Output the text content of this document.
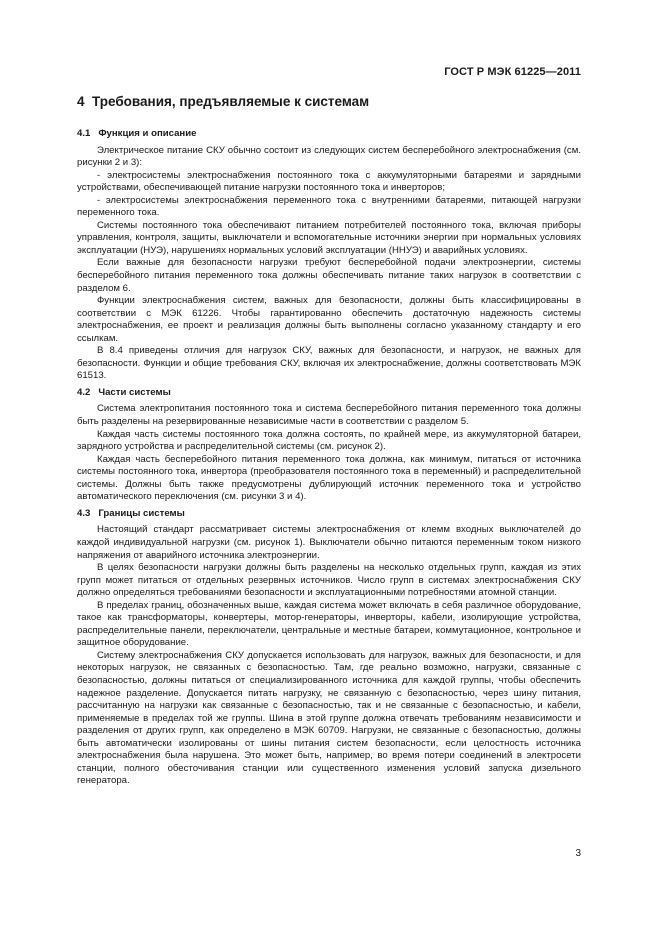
ГОСТ Р МЭК 61225—2011
4 Требования, предъявляемые к системам

4.1 Функция и описание

Электрическое питание СКУ обычно состоит из следующих систем бесперебойного электроснабжения (см. рисунки 2 и 3):

- электросистемы электроснабжения постоянного тока с аккумуляторными батареями и зарядными устройствами, обеспечивающей питание нагрузки постоянного тока и инверторов;

- электросистемы электроснабжения переменного тока с внутренними батареями, питающей нагрузки переменного тока.

Системы постоянного тока обеспечивают питанием потребителей постоянного тока, включая приборы управления, контроля, защиты, выключатели и вспомогательные источники энергии при нормальных условиях эксплуатации (НУЭ), нарушениях нормальных условий эксплуатации (ННУЭ) и аварийных условиях.

Если важные для безопасности нагрузки требуют бесперебойной подачи электроэнергии, системы бесперебойного питания переменного тока должны обеспечивать питание таких нагрузок в соответствии с разделом 6.

Функции электроснабжения систем, важных для безопасности, должны быть классифицированы в соответствии с МЭК 61226. Чтобы гарантированно обеспечить достаточную надежность системы электроснабжения, ее проект и реализация должны быть выполнены согласно указанному стандарту и его ссылкам.

В 8.4 приведены отличия для нагрузок СКУ, важных для безопасности, и нагрузок, не важных для безопасности. Функции и общие требования СКУ, включая их электроснабжение, должны соответствовать МЭК 61513.

4.2 Части системы

Система электропитания постоянного тока и система бесперебойного питания переменного тока должны быть разделены на резервированные независимые части в соответствии с разделом 5.

Каждая часть системы постоянного тока должна состоять, по крайней мере, из аккумуляторной батареи, зарядного устройства и распределительной системы (см. рисунок 2).

Каждая часть бесперебойного питания переменного тока должна, как минимум, питаться от источника системы постоянного тока, инвертора (преобразователя постоянного тока в переменный) и распределительной системы. Должны быть также предусмотрены дублирующий источник переменного тока и устройство автоматического переключения (см. рисунки 3 и 4).

4.3 Границы системы

Настоящий стандарт рассматривает системы электроснабжения от клемм входных выключателей до каждой индивидуальной нагрузки (см. рисунок 1). Выключатели обычно питаются переменным током низкого напряжения от аварийного источника электроэнергии.

В целях безопасности нагрузки должны быть разделены на несколько отдельных групп, каждая из этих групп может питаться от отдельных резервных источников. Число групп в системах электроснабжения СКУ должно определяться требованиями безопасности и эксплуатационными потребностями атомной станции.

В пределах границ, обозначенных выше, каждая система может включать в себя различное оборудование, такое как трансформаторы, конвертеры, мотор-генераторы, инверторы, кабели, изолирующие устройства, распределительные панели, переключатели, центральные и местные батареи, коммутационное, контрольное и защитное оборудование.

Систему электроснабжения СКУ допускается использовать для нагрузок, важных для безопасности, и для некоторых нагрузок, не связанных с безопасностью. Там, где реально возможно, нагрузки, связанные с безопасностью, должны питаться от специализированного источника для каждой группы, чтобы обеспечить надежное разделение. Допускается питать нагрузку, не связанную с безопасностью, через шину питания, рассчитанную на нагрузки как связанные с безопасностью, так и не связанные с безопасностью, и кабели, применяемые в пределах той же группы. Шина в этой группе должна отвечать требованиям независимости и разделения от других групп, как определено в МЭК 60709. Нагрузки, не связанные с безопасностью, должны быть автоматически изолированы от шины питания систем безопасности, если целостность источника электроснабжения была нарушена. Это может быть, например, во время потери соединений в электросети станции, полного обесточивания станции или существенного изменения условий запуска дизельного генератора.

3
